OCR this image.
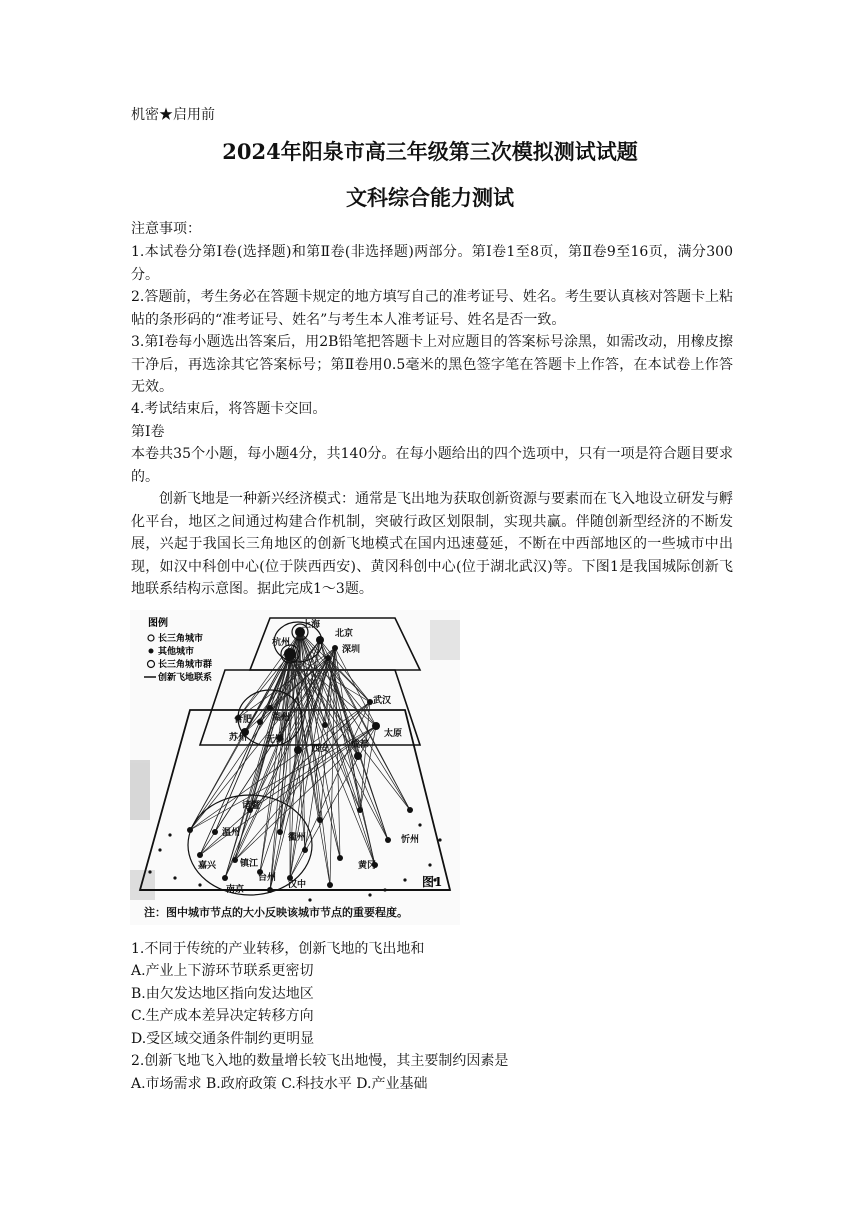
机密★启用前
2024年阳泉市高三年级第三次模拟测试试题
文科综合能力测试
注意事项：
1.本试卷分第Ⅰ卷(选择题)和第Ⅱ卷(非选择题)两部分。第Ⅰ卷1至8页，第Ⅱ卷9至16页，满分300分。
2.答题前，考生务必在答题卡规定的地方填写自己的准考证号、姓名。考生要认真核对答题卡上粘帖的条形码的“准考证号、姓名”与考生本人准考证号、姓名是否一致。
3.第Ⅰ卷每小题选出答案后，用2B铅笔把答题卡上对应题目的答案标号涂黑，如需改动，用橡皮擦干净后，再选涂其它答案标号；第Ⅱ卷用0.5毫米的黑色签字笔在答题卡上作答，在本试卷上作答无效。
4.考试结束后，将答题卡交回。
第Ⅰ卷
本卷共35个小题，每小题4分，共140分。在每小题给出的四个选项中，只有一项是符合题目要求的。
创新飞地是一种新兴经济模式：通常是飞出地为获取创新资源与要素而在飞入地设立研发与孵化平台，地区之间通过构建合作机制，突破行政区划限制，实现共赢。伴随创新型经济的不断发展，兴起于我国长三角地区的创新飞地模式在国内迅速蔓延，不断在中西部地区的一些城市中出现，如汉中科创中心(位于陕西西安)、黄冈科创中心(位于湖北武汉)等。下图1是我国城际创新飞地联系结构示意图。据此完成1～3题。
图例
长三角城市
其他城市
长三角城市群
创新飞地联系
上海
杭州
北京
深圳
武汉
合肥 湖州
苏州 无锡
太原
西安 成都
温州	衢州
嘉兴
南京
台州
镇江
汉中
黄冈
忻州
诸暨
图1
注：图中城市节点的大小反映该城市节点的重要程度。
1.不同于传统的产业转移，创新飞地的飞出地和
A.产业上下游环节联系更密切
B.由欠发达地区指向发达地区
C.生产成本差异决定转移方向
D.受区域交通条件制约更明显
2.创新飞地飞入地的数量增长较飞出地慢，其主要制约因素是
A.市场需求 B.政府政策 C.科技水平 D.产业基础
